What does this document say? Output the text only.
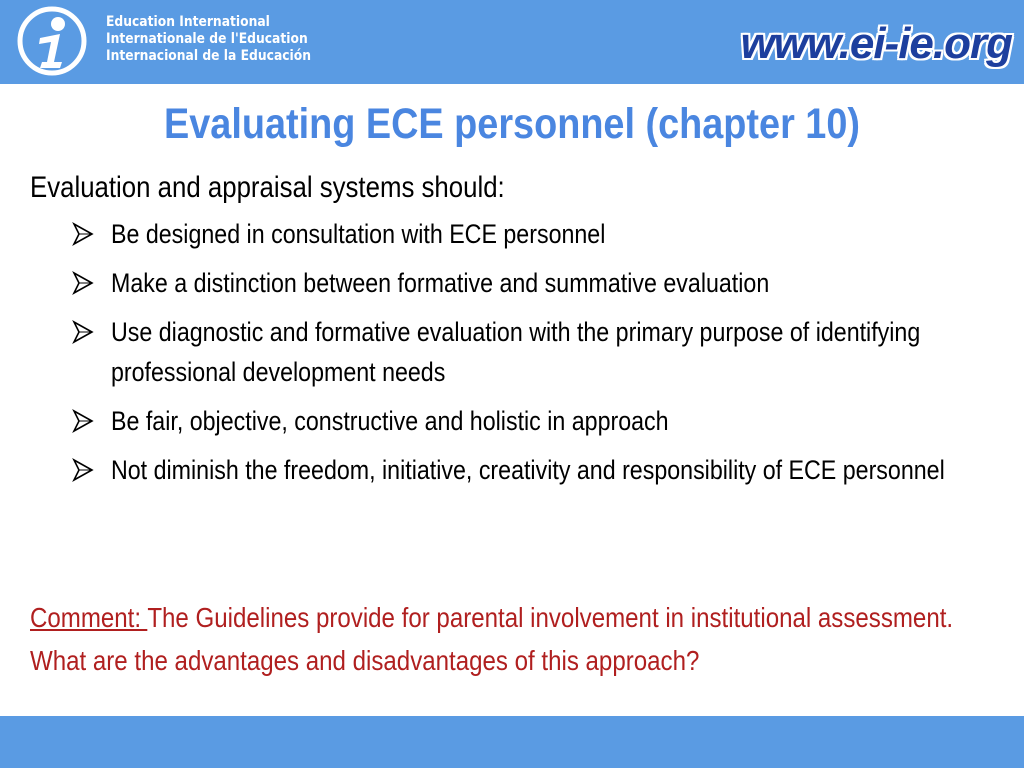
Education International
Internationale de l'Education
Internacional de la Educación	www.ei-ie.org
Evaluating ECE personnel (chapter 10)

Evaluation and appraisal systems should:

Be designed in consultation with ECE personnel
Make a distinction between formative and summative evaluation
Use diagnostic and formative evaluation with the primary purpose of identifying professional development needs
Be fair, objective, constructive and holistic in approach
Not diminish the freedom, initiative, creativity and responsibility of ECE personnel
Comment: The Guidelines provide for parental involvement in institutional assessment. What are the advantages and disadvantages of this approach?
